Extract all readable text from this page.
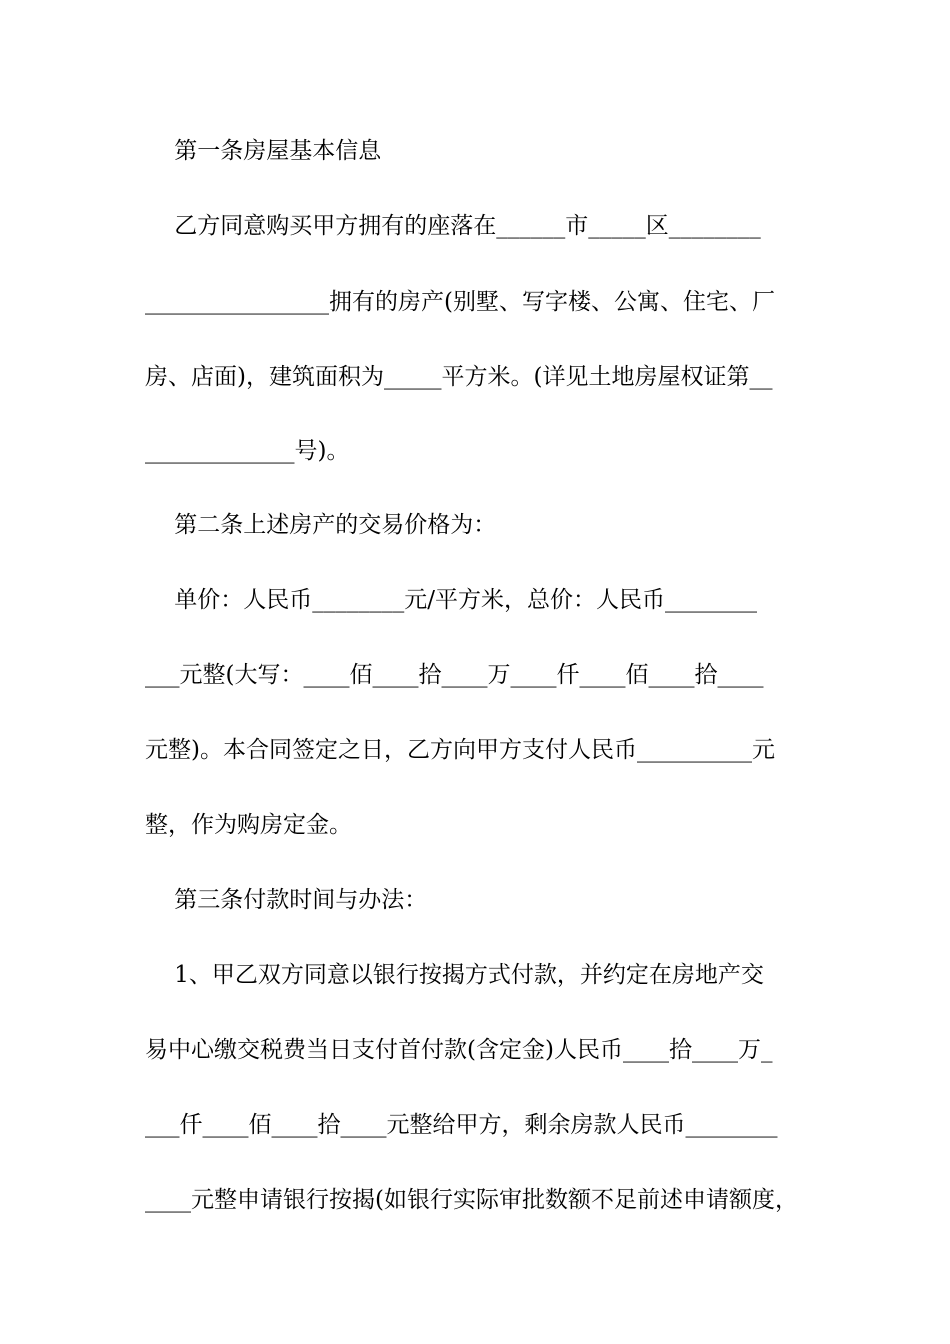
第一条房屋基本信息
乙方同意购买甲方拥有的座落在______市_____区________
________________拥有的房产(别墅、写字楼、公寓、住宅、厂
房、店面)，建筑面积为_____平方米。(详见土地房屋权证第__
_____________号)。
第二条上述房产的交易价格为：
单价：人民币________元/平方米，总价：人民币________
___元整(大写：____佰____拾____万____仟____佰____拾____
元整)。本合同签定之日，乙方向甲方支付人民币__________元
整，作为购房定金。
第三条付款时间与办法：
1、甲乙双方同意以银行按揭方式付款，并约定在房地产交
易中心缴交税费当日支付首付款(含定金)人民币____拾____万_
___仟____佰____拾____元整给甲方，剩余房款人民币________
____元整申请银行按揭(如银行实际审批数额不足前述申请额度，
